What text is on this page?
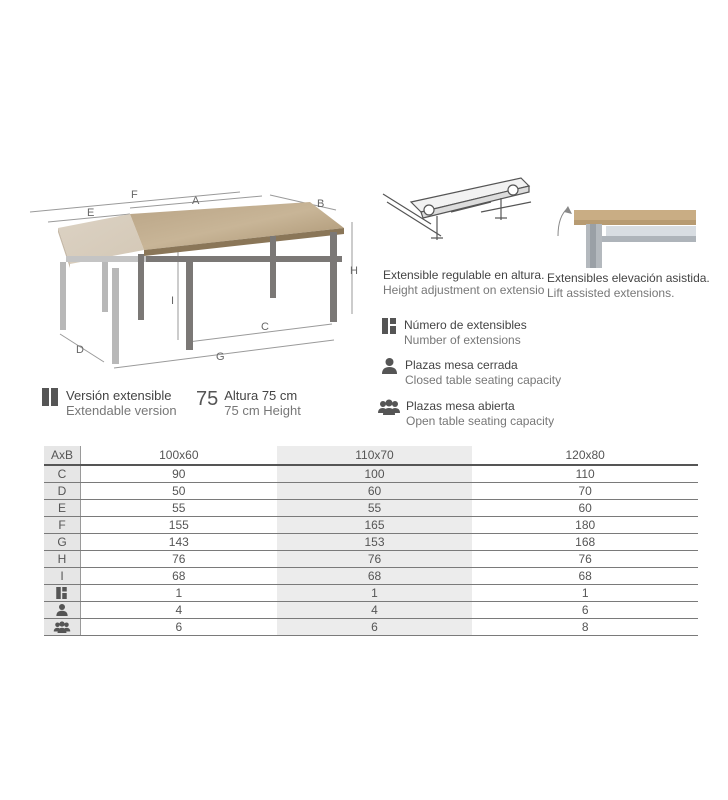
F	A	B
E
H
I
C
D
G
Extensible regulable en altura.
Height adjustment on extensio
Extensibles elevación asistida.
Lift assisted extensions.
Versión extensible
Extendable version
75 Altura 75 cm
75 cm Height
Número de extensibles
Number of extensions
Plazas mesa cerrada
Closed table seating capacity
Plazas mesa abierta
Open table seating capacity
AxB	100x60	110x70	120x80
C	90	100	110
D	50	60	70
E	55	55	60
F	155	165	180
G	143	153	168
H	76	76	76
I	68	68	68

	1	1	1

	4	4	6

	6	6	8
